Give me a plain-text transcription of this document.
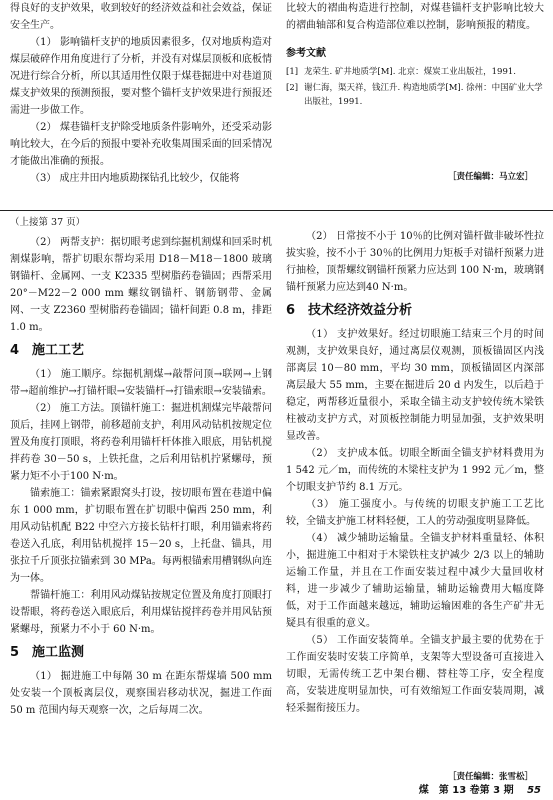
得良好的支护效果，收到较好的经济效益和社会效益，保证安全生产。

（1） 影响锚杆支护的地质因素很多，仅对地质构造对煤层破碎作用角度进行了分析，并没有对煤层顶板和底板情况进行综合分析，所以其适用性仅限于煤巷掘进中对巷道顶煤支护效果的预测预报，要对整个锚杆支护效果进行预报还需进一步做工作。

（2） 煤巷锚杆支护除受地质条件影响外，还受采动影响比较大，在今后的预报中要补充收集周围采面的回采情况才能做出准确的预报。

（3） 成庄井田内地质勘探钻孔比较少，仅能将

比较大的褶曲构造进行控制，对煤巷锚杆支护影响比较大的褶曲轴部和复合构造部位难以控制，影响预报的精度。

参考文献
[1] 龙荣生. 矿井地质学[M]. 北京：煤炭工业出版社，1991.
[2] 谢仁海，渠天祥，钱江升. 构造地质学[M]. 徐州：中国矿业大学出版社，1991.
［责任编辑：马立宏］
（上接第 37 页）

（2） 两帮支护：据切眼考虑到综掘机割煤和回采时机割煤影响，帮扩切眼东帮均采用 D18－M18－1800 玻璃钢锚杆、金属网、一支 K2335 型树脂药卷锚固；西帮采用 20°－M22－2 000 mm 螺纹钢锚杆、钢筋钢带、金属网、一支 Z2360 型树脂药卷锚固；锚杆间距 0.8 m，排距 1.0 m。

4　施工工艺

（1） 施工顺序。综掘机割煤→敲帮问顶→联网→上钢带→超前维护→打锚杆眼→安装锚杆→打锚索眼→安装锚索。

（2） 施工方法。顶锚杆施工：掘进机割煤完毕敲帮问顶后，挂网上钢带，前移超前支护，利用风动钻机按规定位置及角度打顶眼，将药卷利用锚杆杆体推入眼底，用钻机搅拌药卷 30－50 s，上铁托盘，之后利用钻机拧紧螺母，预紧力矩不小于100 N·m。

锚索施工：锚索紧跟窝头打设，按切眼布置在巷道中偏东 1 000 mm，扩切眼布置在扩切眼中偏西 250 mm，利用风动钻机配 B22 中空六方接长钻杆打眼，利用锚索将药卷送入孔底，利用钻机搅拌 15－20 s，上托盘、锚具，用张拉千斤顶张拉锚索到 30 MPa。每两根锚索用槽钢纵向连为一体。

帮锚杆施工：利用风动煤钻按规定位置及角度打顶眼打设帮眼，将药卷送入眼底后，利用煤钻搅拌药卷并用风钻预紧螺母，预紧力不小于 60 N·m。

5　施工监测

（1） 掘进施工中每隔 30 m 在距东帮煤墙 500 mm 处安装一个顶板离层仪，观察围岩移动状况，掘进工作面 50 m 范围内每天观察一次，之后每周二次。

（2） 日常按不小于 10％的比例对锚杆做非破坏性拉拔实验，按不小于 30％的比例用力矩板手对锚杆预紧力进行抽检，顶帮螺纹钢锚杆预紧力应达到 100 N·m，玻璃钢锚杆预紧力应达到40 N·m。

6　技术经济效益分析

（1） 支护效果好。经过切眼施工结束三个月的时间观测，支护效果良好，通过离层仪观测，顶板锚固区内浅部离层 10－80 mm，平均 30 mm，顶板锚固区内深部离层最大 55 mm，主要在掘进后 20 d 内发生，以后趋于稳定，两帮移近量很小，采取全锚主动支护较传统木梁铁柱被动支护方式，对顶板控制能力明显加强，支护效果明显改善。

（2） 支护成本低。切眼全断面全锚支护材料费用为 1 542 元／m，而传统的木梁柱支护为 1 992 元／m，整个切眼支护节约 8.1 万元。

（3） 施工强度小。与传统的切眼支护施工工艺比较，全锚支护施工材料轻便，工人的劳动强度明显降低。

（4） 减少辅助运输量。全锚支护材料重量轻、体积小，掘进施工中相对于木梁铁柱支护减少 2/3 以上的辅助运输工作量，并且在工作面安装过程中减少大量回收材料，进一步减少了辅助运输量，辅助运输费用大幅度降低，对于工作面越来越远，辅助运输困难的各生产矿井无疑具有很重的意义。

（5） 工作面安装简单。全锚支护最主要的优势在于工作面安装时安装工序简单，支架等大型设备可直接进入切眼，无需传统工艺中架台棚、替柱等工序，安全程度高，安装进度明显加快，可有效缩短工作面安装周期，减轻采掘衔接压力。

［责任编辑：张雪松］
煤　第 13 卷第 3 期 55
